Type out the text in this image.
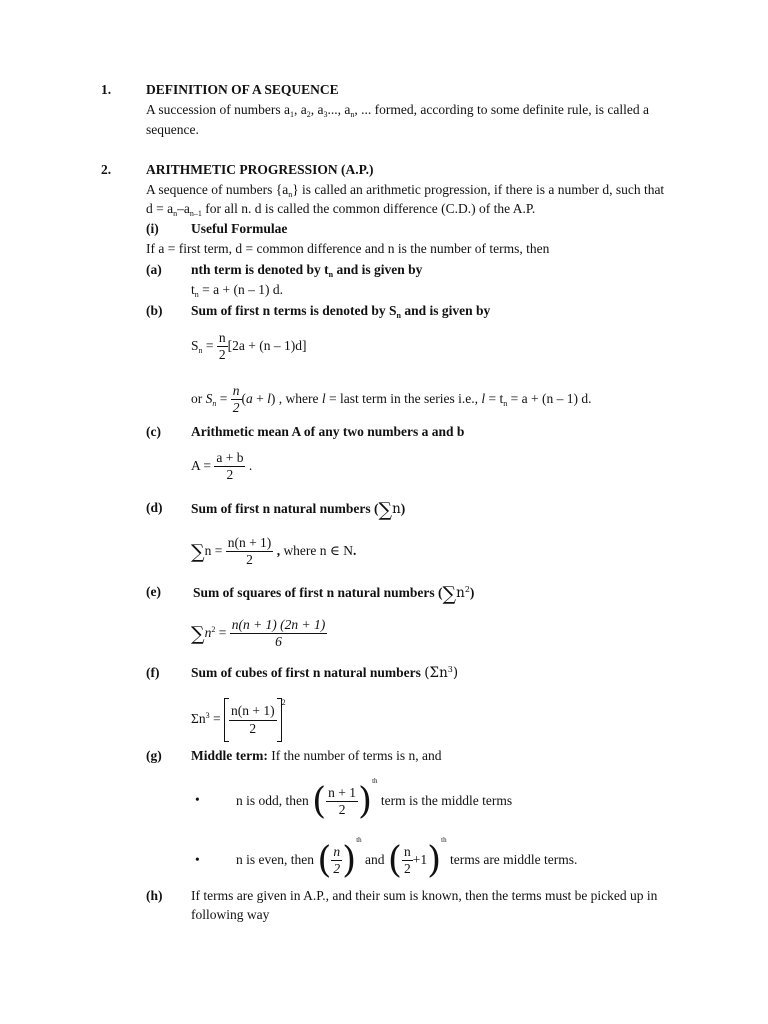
1.	DEFINITION OF A SEQUENCE
A succession of numbers $a_1$, $a_2$, $a_3$..., $a_n$, ... formed, according to some definite rule, is called a
sequence.
2.	ARITHMETIC PROGRESSION (A.P.)
A sequence of numbers $\{a_n\}$ is called an arithmetic progression, if there is a number d, such that
$d = a_n-a_{n-1}$ for all n. d is called the common difference (C.D.) of the A.P.
(i) Useful Formulae
If a = first term, d = common difference and n is the number of terms, then
(a) nth term is denoted by $t_n$ and is given by
$t_n = a + (n - 1)$ d.
(b) Sum of first n terms is denoted by $S_n$ and is given by
$S_n = \frac{n}{2} [2a + (n - 1)d]$
or $S_n = \frac{n}{2} (a + l)$ , where l = last term in the series i.e., $l = t_n = a + (n - 1)$ d.
(c) Arithmetic mean A of any two numbers a and b
$A = \frac{a + b}{2}$ .
(d) Sum of first n natural numbers (∑n)
$\sum n = \frac{n(n + 1)}{2}$ , where n ∈ N.
(e) Sum of squares of first n natural numbers $(\sum n^2)$
$\sum n^2 = \frac{n(n + 1) (2n + 1)}{6}$
(f) Sum of cubes of first n natural numbers $(\Sigma n^3)$
$\Sigma n^3 = \frac{n(n + 1)}{2}$
$^2$
(g) Middle term: If the number of terms is n, and
•	n is odd, then ( $\frac{n + 1}{2} )^{th}$ term is the middle terms
•	n is even, then ( $\frac{n}{2} )^{th}$ and ( $\frac{n}{2} +1)^{th}$ terms are middle terms.
(h) If terms are given in A.P., and their sum is known, then the terms must be picked up in
following way
